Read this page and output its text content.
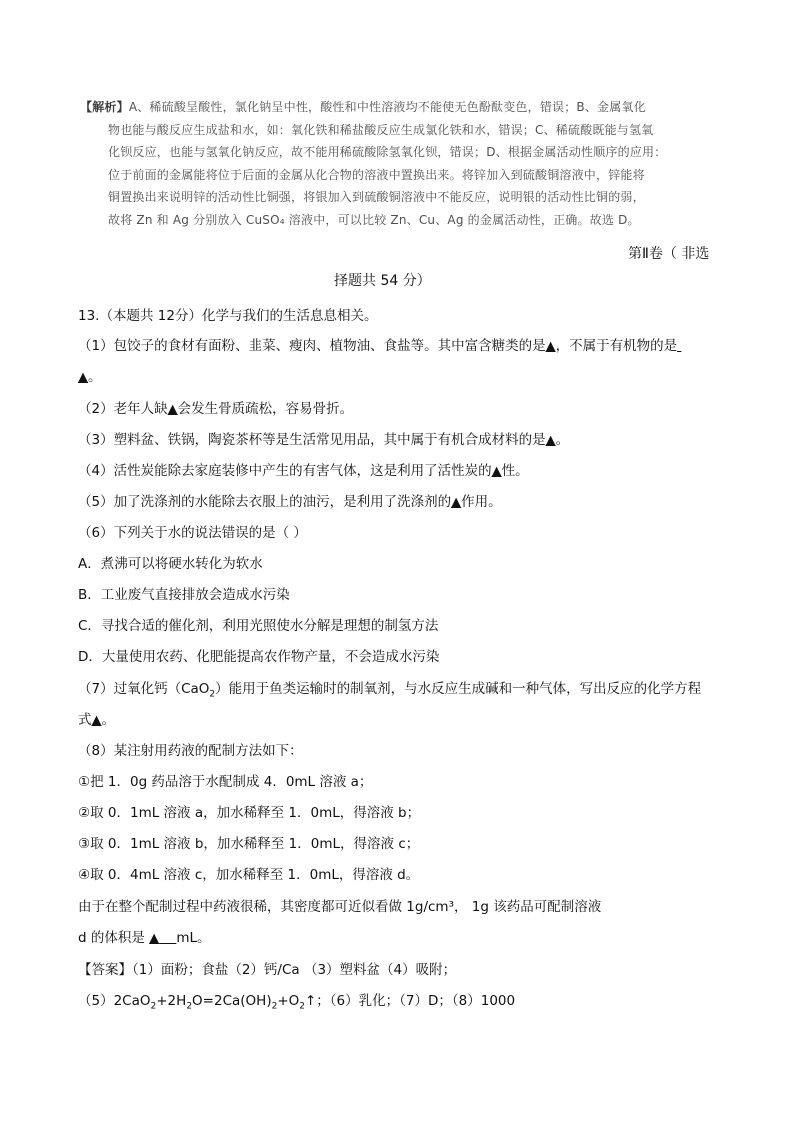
【解析】A、稀硫酸呈酸性，氯化钠呈中性，酸性和中性溶液均不能使无色酚酞变色，错误；B、金属氧化
物也能与酸反应生成盐和水，如：氧化铁和稀盐酸反应生成氯化铁和水，错误；C、稀硫酸既能与氢氧
化钡反应，也能与氢氧化钠反应，故不能用稀硫酸除氢氧化钡，错误；D、根据金属活动性顺序的应用：
位于前面的金属能将位于后面的金属从化合物的溶液中置换出来。将锌加入到硫酸铜溶液中，锌能将
铜置换出来说明锌的活动性比铜强，将银加入到硫酸铜溶液中不能反应，说明银的活动性比铜的弱，
故将 Zn 和 Ag 分别放入 CuSO₄ 溶液中，可以比较 Zn、Cu、Ag 的金属活动性，正确。故选 D。
第Ⅱ卷（ 非选
择题共 54 分）
13.（本题共 12分）化学与我们的生活息息相关。
（1）包饺子的食材有面粉、韭菜、瘦肉、植物油、食盐等。其中富含糖类的是▲，不属于有机物的是
▲。
（2）老年人缺▲会发生骨质疏松，容易骨折。
（3）塑料盆、铁锅，陶瓷茶杯等是生活常见用品，其中属于有机合成材料的是▲。
（4）活性炭能除去家庭装修中产生的有害气体，这是利用了活性炭的▲性。
（5）加了洗涤剂的水能除去衣服上的油污，是利用了洗涤剂的▲作用。
（6）下列关于水的说法错误的是（ ）
A．煮沸可以将硬水转化为软水
B．工业废气直接排放会造成水污染
C．寻找合适的催化剂，利用光照使水分解是理想的制氢方法
D．大量使用农药、化肥能提高农作物产量，不会造成水污染
（7）过氧化钙（CaO$_2$）能用于鱼类运输时的制氧剂，与水反应生成碱和一种气体，写出反应的化学方程
式▲。
（8）某注射用药液的配制方法如下：
①把 1．0g 药品溶于水配制成 4．0mL 溶液 a；
②取 0．1mL 溶液 a，加水稀释至 1．0mL，得溶液 b；
③取 0．1mL 溶液 b，加水稀释至 1．0mL，得溶液 c；
④取 0．4mL 溶液 c，加水稀释至 1．0mL，得溶液 d。
由于在整个配制过程中药液很稀，其密度都可近似看做 1g/cm³， 1g 该药品可配制溶液
d 的体积是 ▲ mL。
【答案】（1）面粉；食盐（2）钙/Ca （3）塑料盆（4）吸附；
$(5)2CaO_2+2H_2O=2Ca(OH)_2+O_2↑$；（6）乳化；（7）D；（8）1000
